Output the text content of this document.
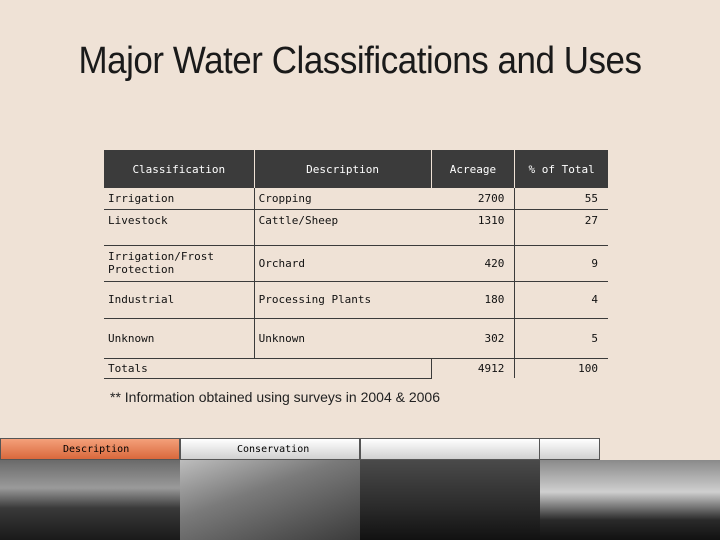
Major Water Classifications and Uses
Classification	Description	Acreage	% of Total
Irrigation	Cropping	2700	55
Livestock	Cattle/Sheep	1310	27
Irrigation/Frost Protection	Orchard	420	9
Industrial	Processing Plants	180	4
Unknown	Unknown	302	5
Totals		4912	100
** Information obtained using surveys in 2004 & 2006
Description	Conservation
